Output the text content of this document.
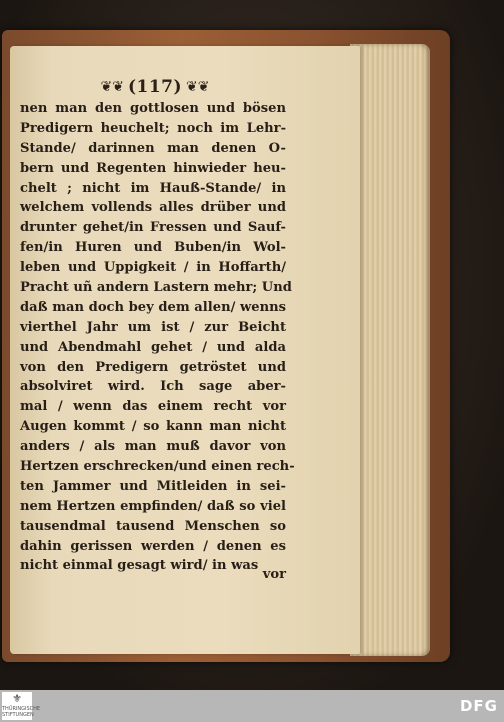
❦❦ (117) ❦❦
nen man den gottlosen und bösen
Predigern heuchelt; noch im Lehr-
Stande/ darinnen man denen O-
bern und Regenten hinwieder heu-
chelt ; nicht im Hauß-Stande/ in
welchem vollends alles drüber und
drunter gehet/in Fressen und Sauf-
fen/in Huren und Buben/in Wol-
leben und Uppigkeit / in Hoffarth/
Pracht uñ andern Lastern mehr; Und
daß man doch bey dem allen/ wenns
vierthel Jahr um ist / zur Beicht
und Abendmahl gehet / und alda
von den Predigern getröstet und
absolviret wird. Ich sage aber-
mal / wenn das einem recht vor
Augen kommt / so kann man nicht
anders / als man muß davor von
Hertzen erschrecken/und einen rech-
ten Jammer und Mitleiden in sei-
nem Hertzen empfinden/ daß so viel
tausendmal tausend Menschen so
dahin gerissen werden / denen es
nicht einmal gesagt wird/ in was
vor
⚜
THÜRINGISCHE STIFTUNGEN	DFG
